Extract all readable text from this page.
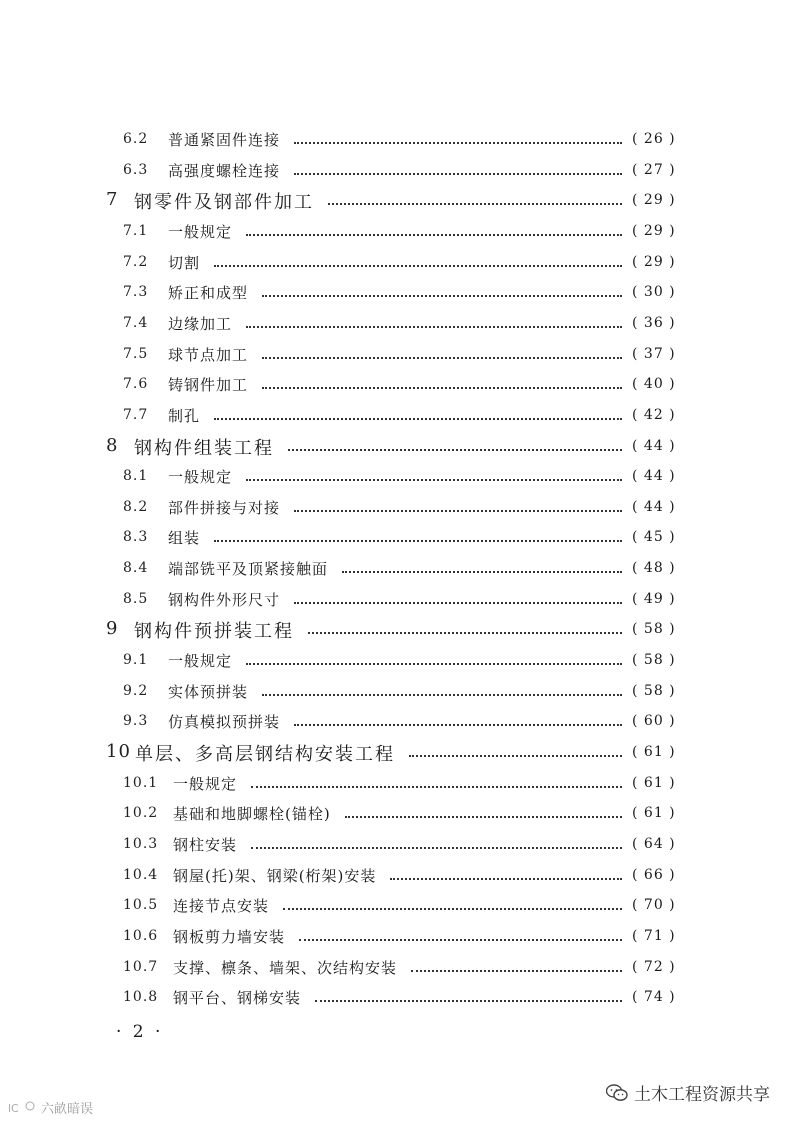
6.2 普通紧固件连接	( 26 )
6.3 高强度螺栓连接	( 27 )
7 钢零件及钢部件加工	( 29 )
7.1 一般规定	( 29 )
7.2 切割	( 29 )
7.3 矫正和成型	( 30 )
7.4 边缘加工	( 36 )
7.5 球节点加工	( 37 )
7.6 铸钢件加工	( 40 )
7.7 制孔	( 42 )
8 钢构件组装工程	( 44 )
8.1 一般规定	( 44 )
8.2 部件拼接与对接	( 44 )
8.3 组装	( 45 )
8.4 端部铣平及顶紧接触面	( 48 )
8.5 钢构件外形尺寸	( 49 )
9 钢构件预拼装工程	( 58 )
9.1 一般规定	( 58 )
9.2 实体预拼装	( 58 )
9.3 仿真模拟预拼装	( 60 )
10 单层、多高层钢结构安装工程	( 61 )
10.1 一般规定	( 61 )
10.2 基础和地脚螺栓(锚栓)	( 61 )
10.3 钢柱安装	( 64 )
10.4 钢屋(托)架、钢梁(桁架)安装	( 66 )
10.5 连接节点安装	( 70 )
10.6 钢板剪力墙安装	( 71 )
10.7 支撑、檩条、墙架、次结构安装	( 72 )
10.8 钢平台、钢梯安装	( 74 )
· 2 ·
土木工程资源共享
lC 六畝暗误
